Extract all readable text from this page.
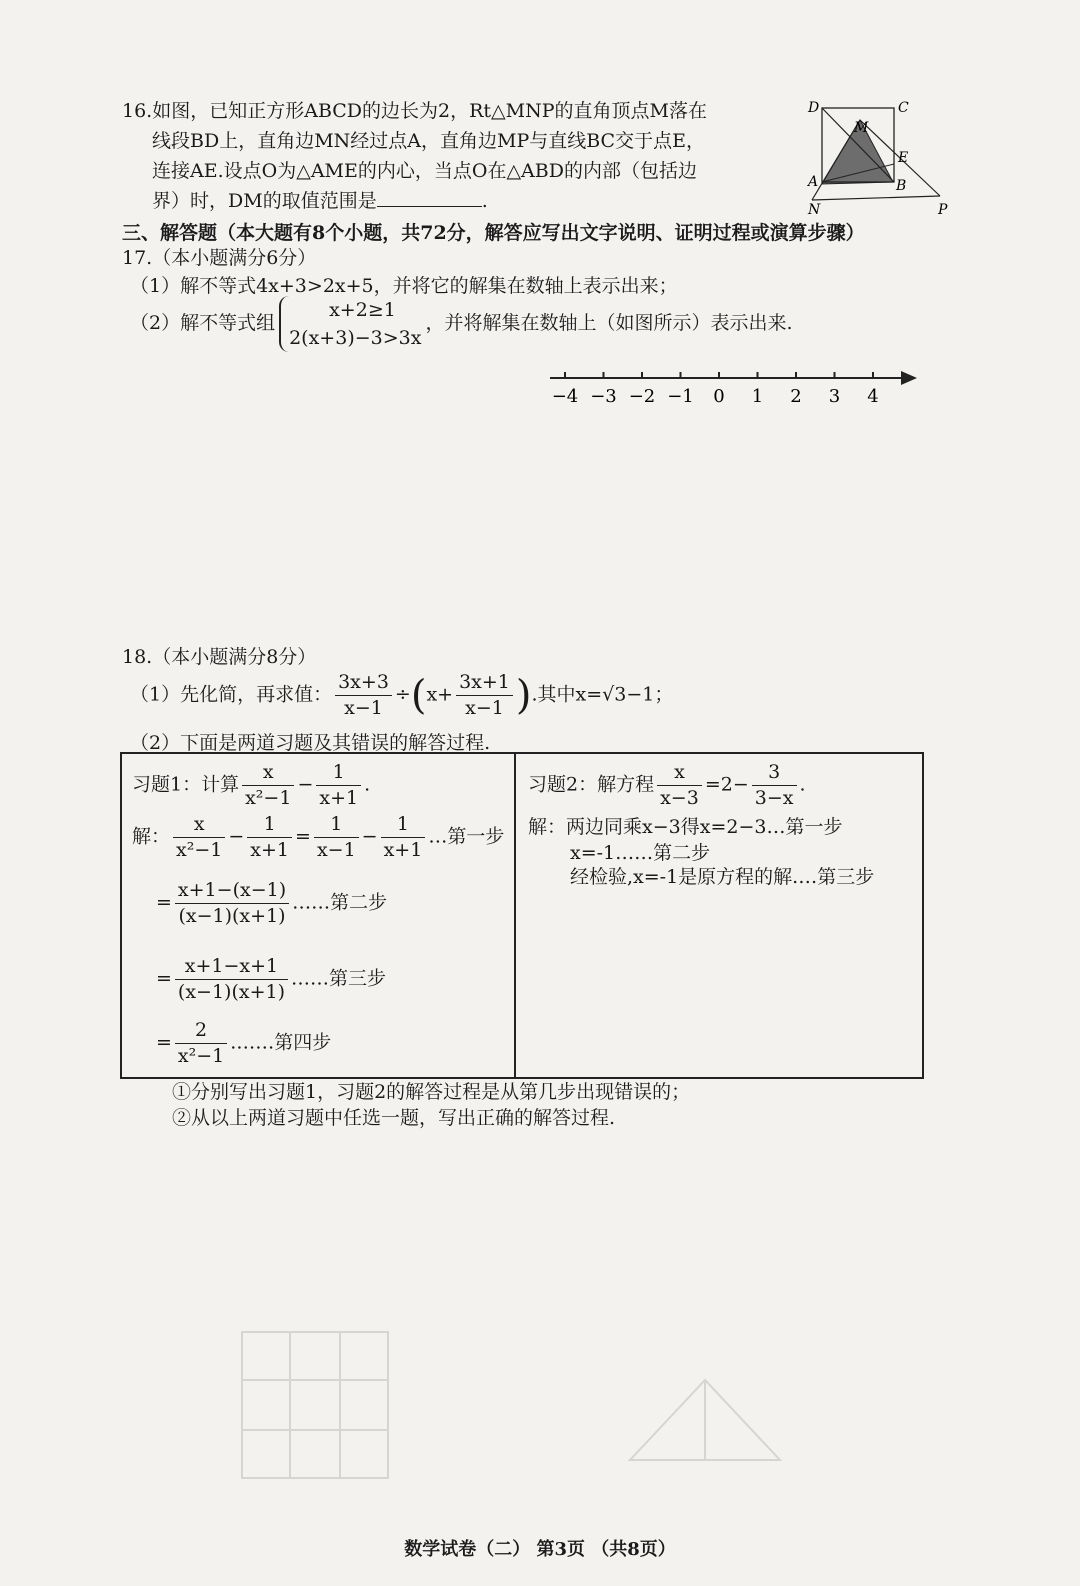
16.如图，已知正方形ABCD的边长为2，Rt△MNP的直角顶点M落在
线段BD上，直角边MN经过点A，直角边MP与直线BC交于点E，
连接AE.设点O为△AME的内心，当点O在△ABD的内部（包括边
界）时，DM的取值范围是	.
D	C
M
E
A	B
N	P
三、解答题（本大题有8个小题，共72分，解答应写出文字说明、证明过程或演算步骤）
17.（本小题满分6分）
（1）解不等式4x+3>2x+5，并将它的解集在数轴上表示出来；
（2）解不等式组
x+2≥1
2(x+3)−3>3x
，并将解集在数轴上（如图所示）表示出来.
−4 −3 −2 −1 0 1 2 3 4
18.（本小题满分8分）
（1）先化简，再求值： $\frac{3x+3}{x-1} \div(x+ \frac{3x+1}{x-1}$ ).其中x=√3−1；
（2）下面是两道习题及其错误的解答过程.
习题1：计算 $\frac{x}{\text{x²−1}} - \frac{1}{x+1}$ .
解： $\frac{x}{\text{x²−1}} - \frac{1}{x+1} = \frac{1}{x-1} - \frac{1}{x+1}$ …第一步
= $\frac{x+1-(x-1)}{(x-1)(x+1)}$ ……第二步
= $\frac{x+1-x+1}{(x-1)(x+1)}$ ……第三步
= $\frac{2}{\text{x²−1}}$ .……第四步
习题2：解方程 $\frac{x}{x-3} =2- \frac{3}{3-x}$ .
解：两边同乘x−3得x=2−3…第一步
x=-1……第二步
经检验,x=-1是原方程的解.…第三步
①分别写出习题1，习题2的解答过程是从第几步出现错误的；
②从以上两道习题中任选一题，写出正确的解答过程.
数学试卷（二） 第3页 （共8页）
